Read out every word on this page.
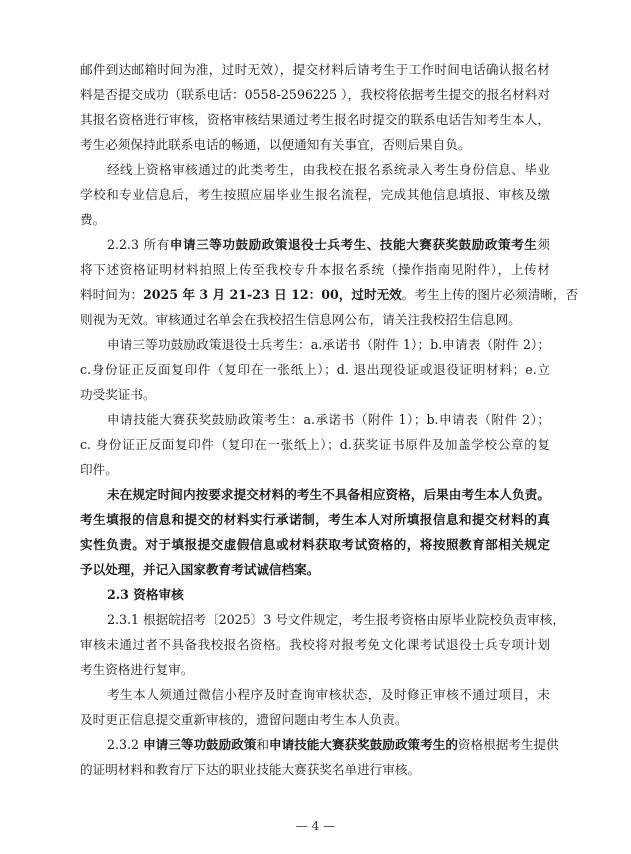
邮件到达邮箱时间为准，过时无效），提交材料后请考生于工作时间电话确认报名材
料是否提交成功（联系电话：0558-2596225 ），我校将依据考生提交的报名材料对
其报名资格进行审核，资格审核结果通过考生报名时提交的联系电话告知考生本人，
考生必须保持此联系电话的畅通，以便通知有关事宜，否则后果自负。
经线上资格审核通过的此类考生，由我校在报名系统录入考生身份信息、毕业
学校和专业信息后，考生按照应届毕业生报名流程，完成其他信息填报、审核及缴
费。
2.2.3 所有申请三等功鼓励政策退役士兵考生、技能大赛获奖鼓励政策考生须
将下述资格证明材料拍照上传至我校专升本报名系统（操作指南见附件），上传材
料时间为：2025 年 3 月 21-23 日 12：00，过时无效。考生上传的图片必须清晰，否
则视为无效。审核通过名单会在我校招生信息网公布，请关注我校招生信息网。
申请三等功鼓励政策退役士兵考生：a.承诺书（附件 1）；b.申请表（附件 2）；
c.身份证正反面复印件（复印在一张纸上）；d. 退出现役证或退役证明材料；e.立
功受奖证书。
申请技能大赛获奖鼓励政策考生：a.承诺书（附件 1）；b.申请表（附件 2）；
c. 身份证正反面复印件（复印在一张纸上）；d.获奖证书原件及加盖学校公章的复
印件。
未在规定时间内按要求提交材料的考生不具备相应资格，后果由考生本人负责。
考生填报的信息和提交的材料实行承诺制，考生本人对所填报信息和提交材料的真
实性负责。对于填报提交虚假信息或材料获取考试资格的，将按照教育部相关规定
予以处理，并记入国家教育考试诚信档案。
2.3 资格审核
2.3.1 根据皖招考〔2025〕3 号文件规定，考生报考资格由原毕业院校负责审核，
审核未通过者不具备我校报名资格。我校将对报考免文化课考试退役士兵专项计划
考生资格进行复审。
考生本人须通过微信小程序及时查询审核状态，及时修正审核不通过项目，未
及时更正信息提交重新审核的，遗留问题由考生本人负责。
2.3.2 申请三等功鼓励政策和申请技能大赛获奖鼓励政策考生的资格根据考生提供
的证明材料和教育厅下达的职业技能大赛获奖名单进行审核。
— 4 —
